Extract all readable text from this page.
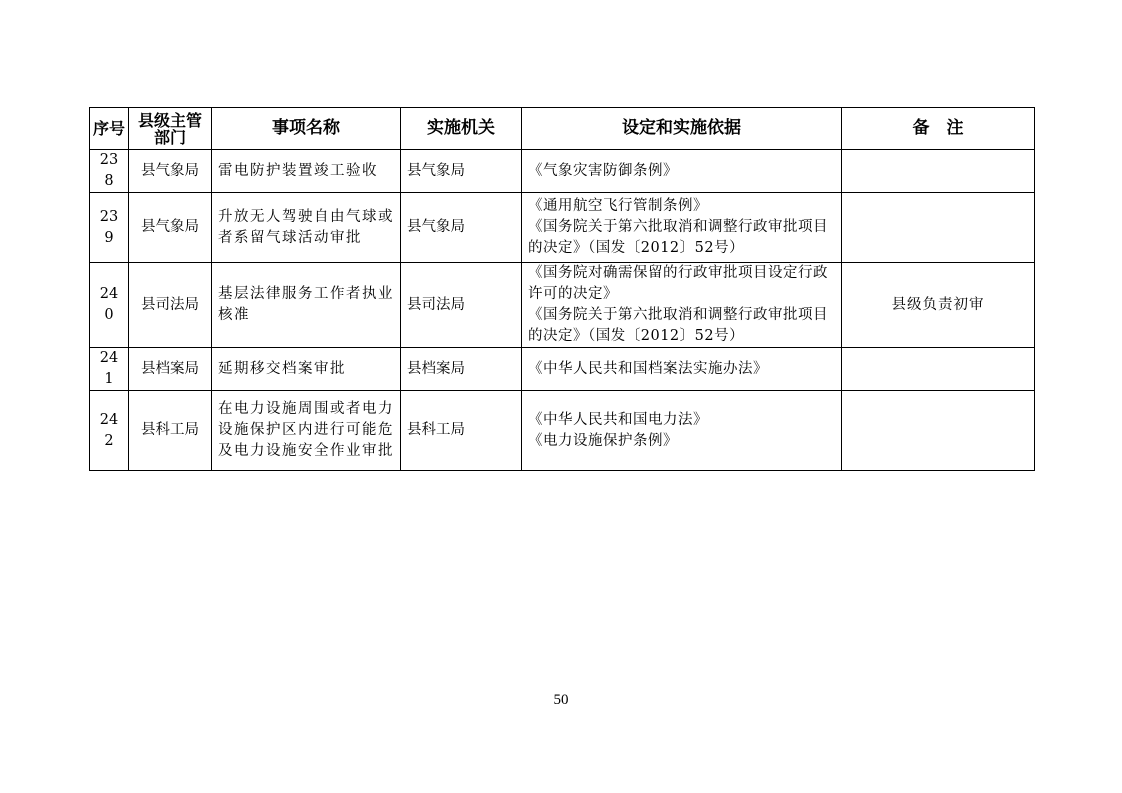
序号	县级主管部门	事项名称	实施机关	设定和实施依据	备　注
238	县气象局	雷电防护装置竣工验收	县气象局	《气象灾害防御条例》	

239	县气象局	升放无人驾驶自由气球或者系留气球活动审批	县气象局	《通用航空飞行管制条例》
《国务院关于第六批取消和调整行政审批项目的决定》（国发〔2012〕52号）	

240	县司法局	基层法律服务工作者执业核准	县司法局	《国务院对确需保留的行政审批项目设定行政许可的决定》
《国务院关于第六批取消和调整行政审批项目的决定》（国发〔2012〕52号）	县级负责初审
241	县档案局	延期移交档案审批	县档案局	《中华人民共和国档案法实施办法》	

242	县科工局	在电力设施周围或者电力设施保护区内进行可能危及电力设施安全作业审批	县科工局	《中华人民共和国电力法》
《电力设施保护条例》	

50
